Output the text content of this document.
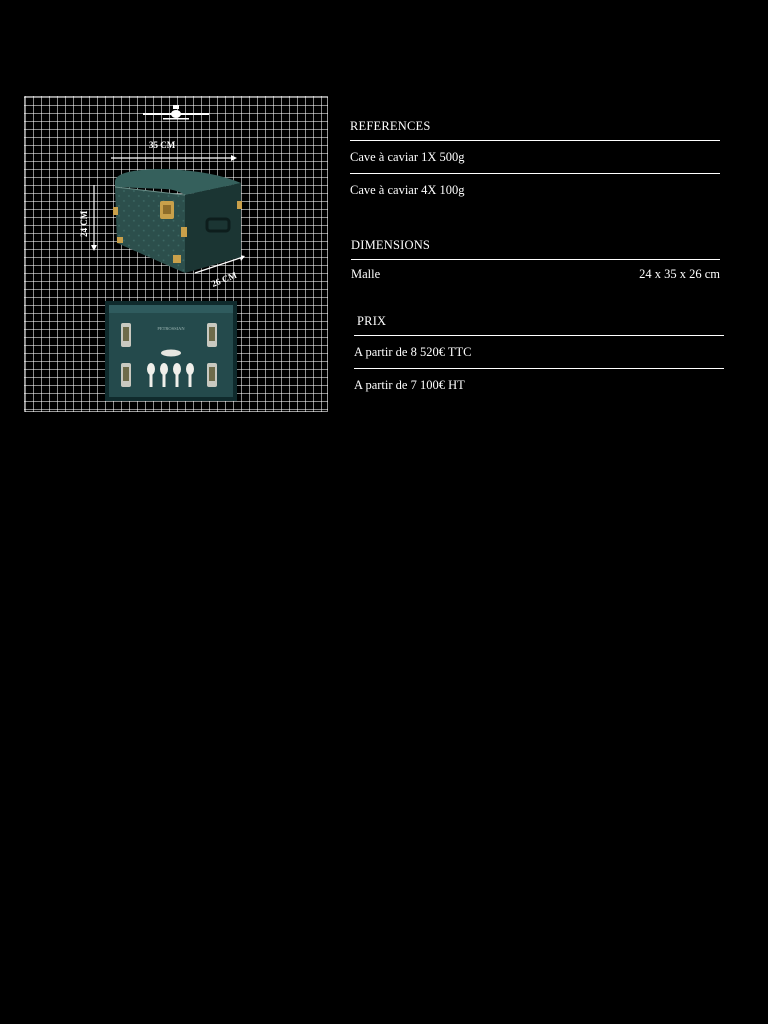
35 CM
24 CM
26 CM
PETROSSIAN
REFERENCES
Cave à caviar 1X 500g
Cave à caviar 4X 100g
DIMENSIONS
Malle	24 x 35 x 26 cm
PRIX
A partir de 8 520€ TTC
A partir de 7 100€ HT
